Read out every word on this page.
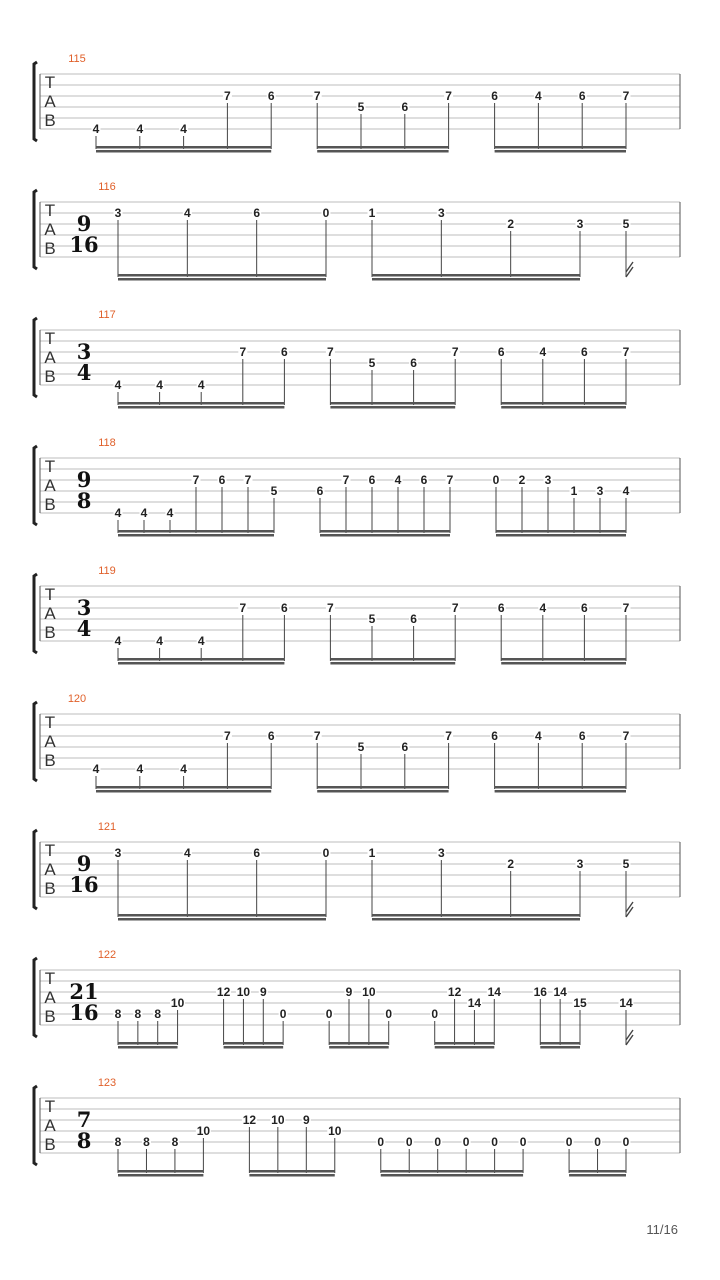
T
A
B
115
4	4	4
7	6	7
5	6
7	6	4	6	7
T
A
B
116
9
16
3	4	6	0	1	3
2	3	5
T
A
B
117
3
4 4	4	4
7	6	7
5	6
7	6	4	6	7
T
A
B
118
9
8 4 4 4
7 6 7
5	6
7 6 4 6 7	0 2 3
1 3 4
T
A
B
119
3
4 4	4	4
7	6	7
5	6
7	6	4	6	7
T
A
B
120
4	4	4
7	6	7
5	6
7	6	4	6	7
T
A
B
121
9
16
3	4	6	0	1	3
2	3	5
T
A
B
122
21
16 8 8 8
10
12 10 9
0	0
9 10
0	0
12
14
14	16 14
15	14
T
A
B
123
7
8 8 8 8
10
12 10 9
10
0 0 0 0 0 0	0 0 0
11/16
